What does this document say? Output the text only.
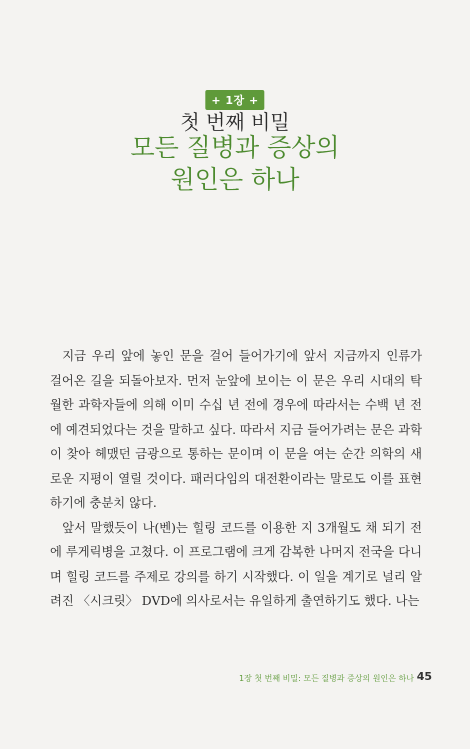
+ 1장 +
첫 번째 비밀
모든 질병과 증상의
원인은 하나

지금 우리 앞에 놓인 문을 걸어 들어가기에 앞서 지금까지 인류가 걸어온 길을 되돌아보자. 먼저 눈앞에 보이는 이 문은 우리 시대의 탁월한 과학자들에 의해 이미 수십 년 전에 경우에 따라서는 수백 년 전에 예견되었다는 것을 말하고 싶다. 따라서 지금 들어가려는 문은 과학이 찾아 헤맸던 금광으로 통하는 문이며 이 문을 여는 순간 의학의 새로운 지평이 열릴 것이다. 패러다임의 대전환이라는 말로도 이를 표현하기에 충분치 않다.

앞서 말했듯이 나(벤)는 힐링 코드를 이용한 지 3개월도 채 되기 전에 루게릭병을 고쳤다. 이 프로그램에 크게 감복한 나머지 전국을 다니며 힐링 코드를 주제로 강의를 하기 시작했다. 이 일을 계기로 널리 알려진 〈시크릿〉 DVD에 의사로서는 유일하게 출연하기도 했다. 나는

1장 첫 번째 비밀: 모든 질병과 증상의 원인은 하나 45
